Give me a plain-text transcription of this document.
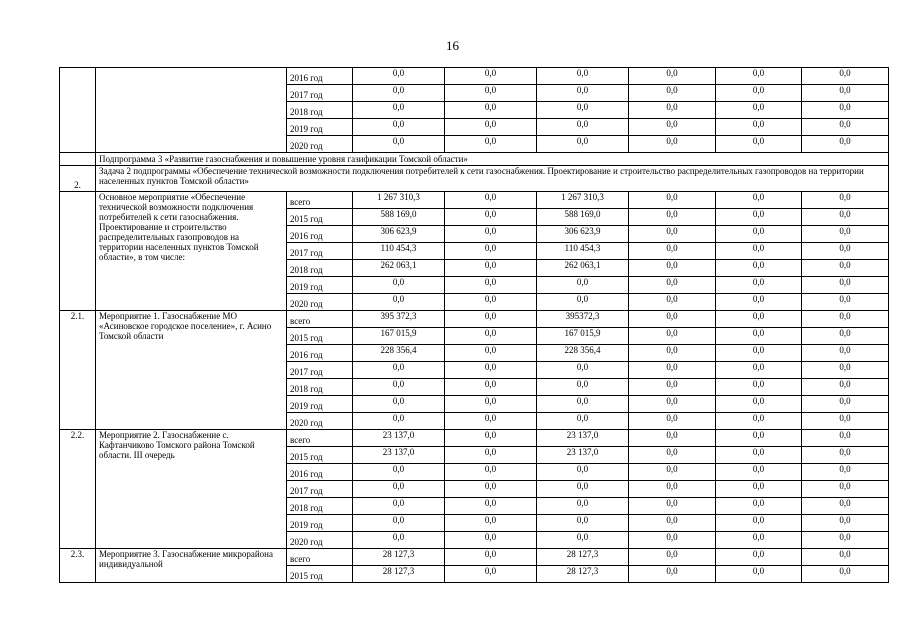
16
		2016 год	0,0	0,0	0,0	0,0	0,0	0,0
		2017 год	0,0	0,0	0,0	0,0	0,0	0,0
		2018 год	0,0	0,0	0,0	0,0	0,0	0,0
		2019 год	0,0	0,0	0,0	0,0	0,0	0,0
		2020 год	0,0	0,0	0,0	0,0	0,0	0,0
	Подпрограмма 3 «Развитие газоснабжения и повышение уровня газификации Томской области»							
2.	Задача 2 подпрограммы «Обеспечение технической возможности подключения потребителей к сети газоснабжения. Проектирование и строительство распределительных газопроводов на территории населенных пунктов Томской области»							
	Основное мероприятие «Обеспечение технической возможности подключения потребителей к сети газоснабжения. Проектирование и строительство распределительных газопроводов на территории населенных пунктов Томской области», в том числе:	всего	1 267 310,3	0,0	1 267 310,3	0,0	0,0	0,0
		2015 год	588 169,0	0,0	588 169,0	0,0	0,0	0,0
		2016 год	306 623,9	0,0	306 623,9	0,0	0,0	0,0
		2017 год	110 454,3	0,0	110 454,3	0,0	0,0	0,0
		2018 год	262 063,1	0,0	262 063,1	0,0	0,0	0,0
		2019 год	0,0	0,0	0,0	0,0	0,0	0,0
		2020 год	0,0	0,0	0,0	0,0	0,0	0,0
2.1.	Мероприятие 1. Газоснабжение МО «Асиновское городское поселение», г. Асино Томской области	всего	395 372,3	0,0	395372,3	0,0	0,0	0,0
		2015 год	167 015,9	0,0	167 015,9	0,0	0,0	0,0
		2016 год	228 356,4	0,0	228 356,4	0,0	0,0	0,0
		2017 год	0,0	0,0	0,0	0,0	0,0	0,0
		2018 год	0,0	0,0	0,0	0,0	0,0	0,0
		2019 год	0,0	0,0	0,0	0,0	0,0	0,0
		2020 год	0,0	0,0	0,0	0,0	0,0	0,0
2.2.	Мероприятие 2. Газоснабжение с. Кафтанчиково Томского района Томской области. III очередь	всего	23 137,0	0,0	23 137,0	0,0	0,0	0,0
		2015 год	23 137,0	0,0	23 137,0	0,0	0,0	0,0
		2016 год	0,0	0,0	0,0	0,0	0,0	0,0
		2017 год	0,0	0,0	0,0	0,0	0,0	0,0
		2018 год	0,0	0,0	0,0	0,0	0,0	0,0
		2019 год	0,0	0,0	0,0	0,0	0,0	0,0
		2020 год	0,0	0,0	0,0	0,0	0,0	0,0
2.3.	Мероприятие 3. Газоснабжение микрорайона индивидуальной	всего	28 127,3	0,0	28 127,3	0,0	0,0	0,0
		2015 год	28 127,3	0,0	28 127,3	0,0	0,0	0,0
